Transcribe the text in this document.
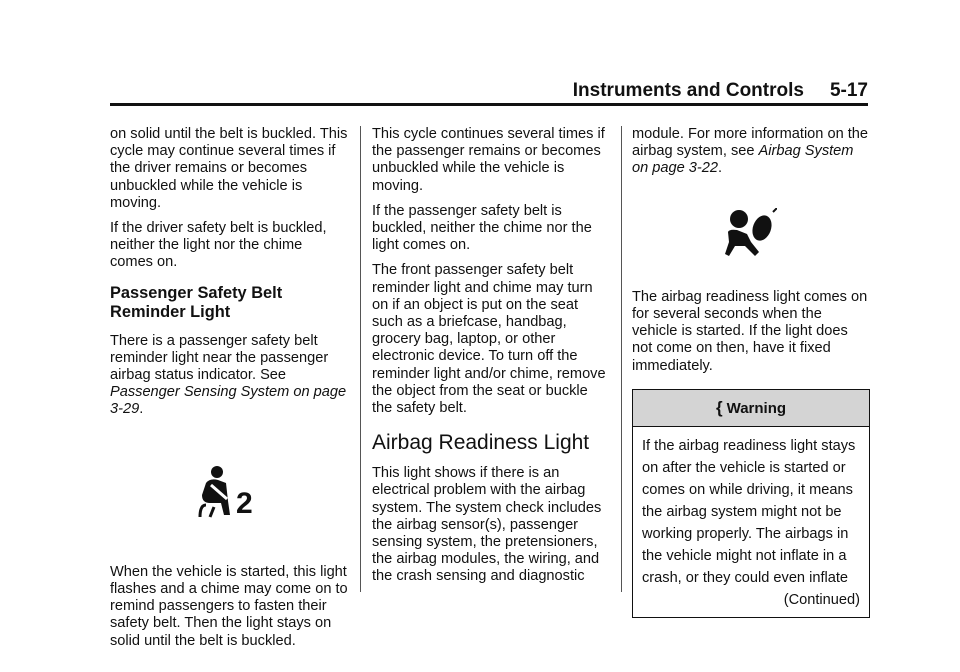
Instruments and Controls 5-17

on solid until the belt is buckled. This cycle may continue several times if the driver remains or becomes unbuckled while the vehicle is moving.

If the driver safety belt is buckled, neither the light nor the chime comes on.

Passenger Safety Belt Reminder Light

There is a passenger safety belt reminder light near the passenger airbag status indicator. See Passenger Sensing System on page 3-29.

2

When the vehicle is started, this light flashes and a chime may come on to remind passengers to fasten their safety belt. Then the light stays on solid until the belt is buckled.

This cycle continues several times if the passenger remains or becomes unbuckled while the vehicle is moving.

If the passenger safety belt is buckled, neither the chime nor the light comes on.

The front passenger safety belt reminder light and chime may turn on if an object is put on the seat such as a briefcase, handbag, grocery bag, laptop, or other electronic device. To turn off the reminder light and/or chime, remove the object from the seat or buckle the safety belt.

Airbag Readiness Light

This light shows if there is an electrical problem with the airbag system. The system check includes the airbag sensor(s), passenger sensing system, the pretensioners, the airbag modules, the wiring, and the crash sensing and diagnostic

module. For more information on the airbag system, see Airbag System on page 3-22.

The airbag readiness light comes on for several seconds when the vehicle is started. If the light does not come on then, have it fixed immediately.

{ Warning
If the airbag readiness light stays on after the vehicle is started or comes on while driving, it means the airbag system might not be working properly. The airbags in the vehicle might not inflate in a crash, or they could even inflate
(Continued)
